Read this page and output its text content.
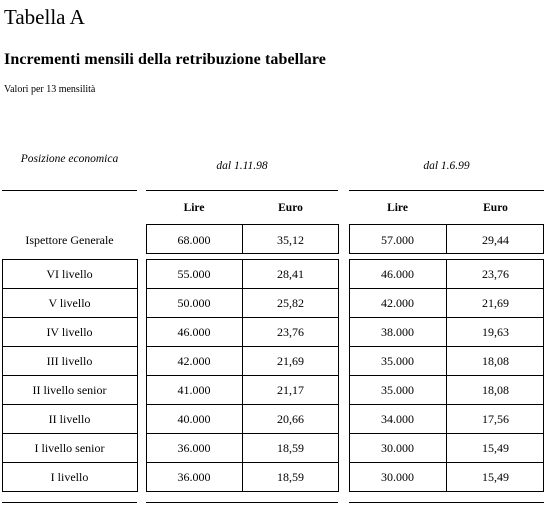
Tabella A
Incrementi mensili della retribuzione tabellare
Valori per 13 mensilità
Posizione economica
dal 1.11.98	dal 1.6.99
Lire	Euro	Lire	Euro
Ispettore Generale	68.000	35,12	57.000	29,44
VI livello	55.000	28,41	46.000	23,76
V livello	50.000	25,82	42.000	21,69
IV livello	46.000	23,76	38.000	19,63
III livello	42.000	21,69	35.000	18,08
II livello senior	41.000	21,17	35.000	18,08
II livello	40.000	20,66	34.000	17,56
I livello senior	36.000	18,59	30.000	15,49
I livello	36.000	18,59	30.000	15,49
